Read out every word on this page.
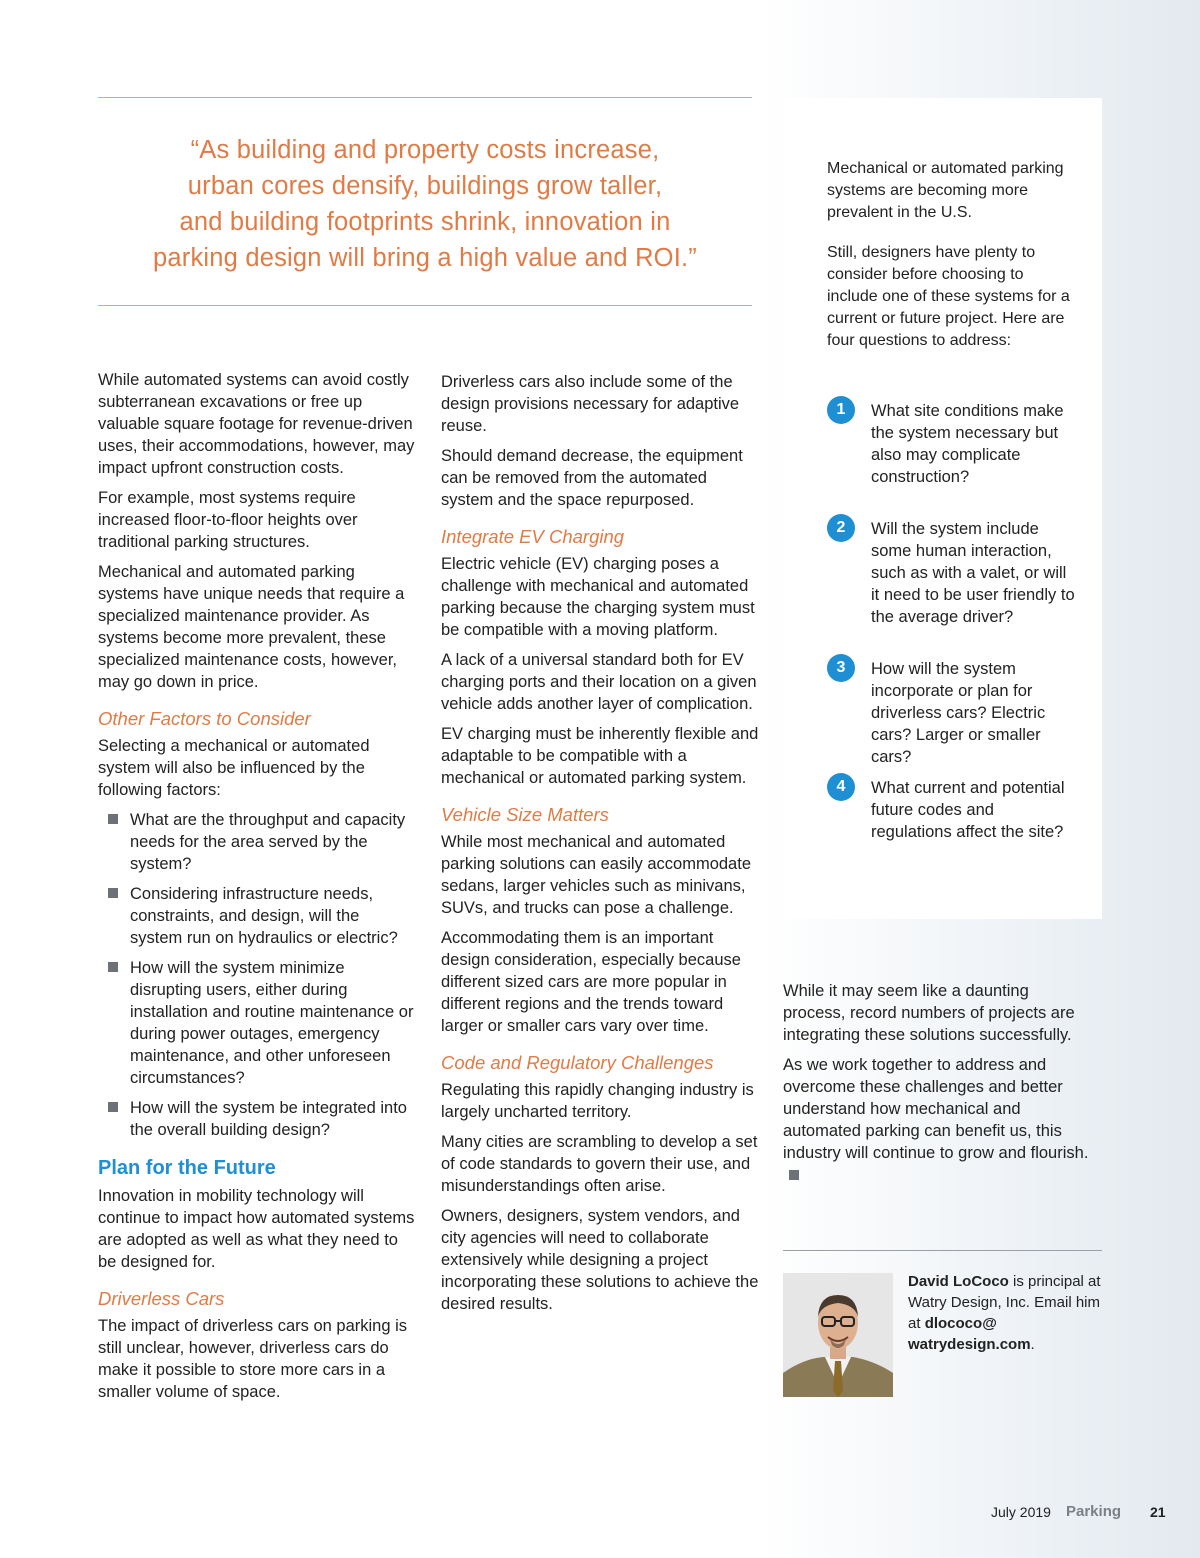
“As building and property costs increase,
urban cores densify, buildings grow taller,
and building footprints shrink, innovation in
parking design will bring a high value and ROI.”

Mechanical or automated parking systems are becoming more prevalent in the U.S.

Still, designers have plenty to consider before choosing to include one of these systems for a current or future project. Here are four questions to address:

1	What site conditions make the system necessary but also may complicate construction?
2	Will the system include some human interaction, such as with a valet, or will it need to be user friendly to the average driver?
3	How will the system incorporate or plan for driverless cars? Electric cars? Larger or smaller cars?
4	What current and potential future codes and regulations affect the site?

While automated systems can avoid costly subterranean excavations or free up valuable square footage for revenue-driven uses, their accommodations, however, may impact upfront construction costs.

For example, most systems require increased floor-to-floor heights over traditional parking structures.

Mechanical and automated parking systems have unique needs that require a specialized maintenance provider. As systems become more prevalent, these specialized maintenance costs, however, may go down in price.

Other Factors to Consider

Selecting a mechanical or automated system will also be influenced by the following factors:

What are the throughput and capacity needs for the area served by the system?
Considering infrastructure needs, constraints, and design, will the system run on hydraulics or electric?
How will the system minimize disrupting users, either during installation and routine maintenance or during power outages, emergency maintenance, and other unforeseen circumstances?
How will the system be integrated into the overall building design?
Plan for the Future

Innovation in mobility technology will continue to impact how automated systems are adopted as well as what they need to be designed for.

Driverless Cars

The impact of driverless cars on parking is still unclear, however, driverless cars do make it possible to store more cars in a smaller volume of space.

Driverless cars also include some of the design provisions necessary for adaptive reuse.

Should demand decrease, the equipment can be removed from the automated system and the space repurposed.

Integrate EV Charging

Electric vehicle (EV) charging poses a challenge with mechanical and automated parking because the charging system must be compatible with a moving platform.

A lack of a universal standard both for EV charging ports and their location on a given vehicle adds another layer of complication.

EV charging must be inherently flexible and adaptable to be compatible with a mechanical or automated parking system.

Vehicle Size Matters

While most mechanical and automated parking solutions can easily accommodate sedans, larger vehicles such as minivans, SUVs, and trucks can pose a challenge.

Accommodating them is an important design consideration, especially because different sized cars are more popular in different regions and the trends toward larger or smaller cars vary over time.

Code and Regulatory Challenges

Regulating this rapidly changing industry is largely uncharted territory.

Many cities are scrambling to develop a set of code standards to govern their use, and misunderstandings often arise.

Owners, designers, system vendors, and city agencies will need to collaborate extensively while designing a project incorporating these solutions to achieve the desired results.

While it may seem like a daunting process, record numbers of projects are integrating these solutions successfully.

As we work together to address and overcome these challenges and better understand how mechanical and automated parking can benefit us, this industry will continue to grow and flourish.

David LoCoco is principal at Watry Design, Inc. Email him at dlococo@ watrydesign.com.
July 2019 Parking 21
